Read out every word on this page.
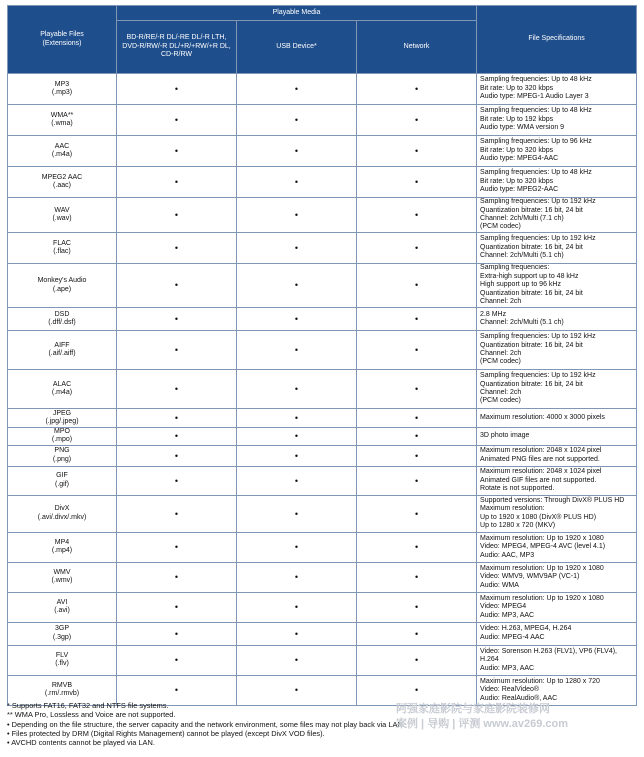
Playable Files
(Extensions)	Playable Media			File Specifications
	BD-R/RE/-R DL/-RE DL/-R LTH,
DVD-R/RW/-R DL/+R/+RW/+R DL,
CD-R/RW	USB Device*	Network	
MP3
(.mp3)	•	•	•	Sampling frequencies: Up to 48 kHz
Bit rate: Up to 320 kbps
Audio type: MPEG-1 Audio Layer 3
WMA**
(.wma)	•	•	•	Sampling frequencies: Up to 48 kHz
Bit rate: Up to 192 kbps
Audio type: WMA version 9
AAC
(.m4a)	•	•	•	Sampling frequencies: Up to 96 kHz
Bit rate: Up to 320 kbps
Audio type: MPEG4-AAC
MPEG2 AAC
(.aac)	•	•	•	Sampling frequencies: Up to 48 kHz
Bit rate: Up to 320 kbps
Audio type: MPEG2-AAC
WAV
(.wav)	•	•	•	Sampling frequencies: Up to 192 kHz
Quantization bitrate: 16 bit, 24 bit
Channel: 2ch/Multi (7.1 ch)
(PCM codec)
FLAC
(.flac)	•	•	•	Sampling frequencies: Up to 192 kHz
Quantization bitrate: 16 bit, 24 bit
Channel: 2ch/Multi (5.1 ch)
Monkey's Audio
(.ape)	•	•	•	Sampling frequencies:
Extra-high support up to 48 kHz
High support up to 96 kHz
Quantization bitrate: 16 bit, 24 bit
Channel: 2ch
DSD
(.dff/.dsf)	•	•	•	2.8 MHz
Channel: 2ch/Multi (5.1 ch)
AIFF
(.aif/.aiff)	•	•	•	Sampling frequencies: Up to 192 kHz
Quantization bitrate: 16 bit, 24 bit
Channel: 2ch
(PCM codec)
ALAC
(.m4a)	•	•	•	Sampling frequencies: Up to 192 kHz
Quantization bitrate: 16 bit, 24 bit
Channel: 2ch
(PCM codec)
JPEG
(.jpg/.jpeg)	•	•	•	Maximum resolution: 4000 x 3000 pixels
MPO
(.mpo)	•	•	•	3D photo image
PNG
(.png)	•	•	•	Maximum resolution: 2048 x 1024 pixel
Animated PNG files are not supported.
GIF
(.gif)	•	•	•	Maximum resolution: 2048 x 1024 pixel
Animated GIF files are not supported.
Rotate is not supported.
DivX
(.avi/.divx/.mkv)	•	•	•	Supported versions: Through DivX® PLUS HD
Maximum resolution:
Up to 1920 x 1080 (DivX® PLUS HD)
Up to 1280 x 720 (MKV)
MP4
(.mp4)	•	•	•	Maximum resolution: Up to 1920 x 1080
Video: MPEG4, MPEG-4 AVC (level 4.1)
Audio: AAC, MP3
WMV
(.wmv)	•	•	•	Maximum resolution: Up to 1920 x 1080
Video: WMV9, WMV9AP (VC-1)
Audio: WMA
AVI
(.avi)	•	•	•	Maximum resolution: Up to 1920 x 1080
Video: MPEG4
Audio: MP3, AAC
3GP
(.3gp)	•	•	•	Video: H.263, MPEG4, H.264
Audio: MPEG-4 AAC
FLV
(.flv)	•	•	•	Video: Sorenson H.263 (FLV1), VP6 (FLV4),
H.264
Audio: MP3, AAC
RMVB
(.rm/.rmvb)	•	•	•	Maximum resolution: Up to 1280 x 720
Video: RealVideo®
Audio: RealAudio®, AAC
* Supports FAT16, FAT32 and NTFS file systems.
** WMA Pro, Lossless and Voice are not supported.
• Depending on the file structure, the server capacity and the network environment, some files may not play back via LAN.
• Files protected by DRM (Digital Rights Management) cannot be played (except DivX VOD files).
• AVCHD contents cannot be played via LAN.
阿强家庭影院与家庭影院装修网
案例 | 导购 | 评测 www.av269.com
